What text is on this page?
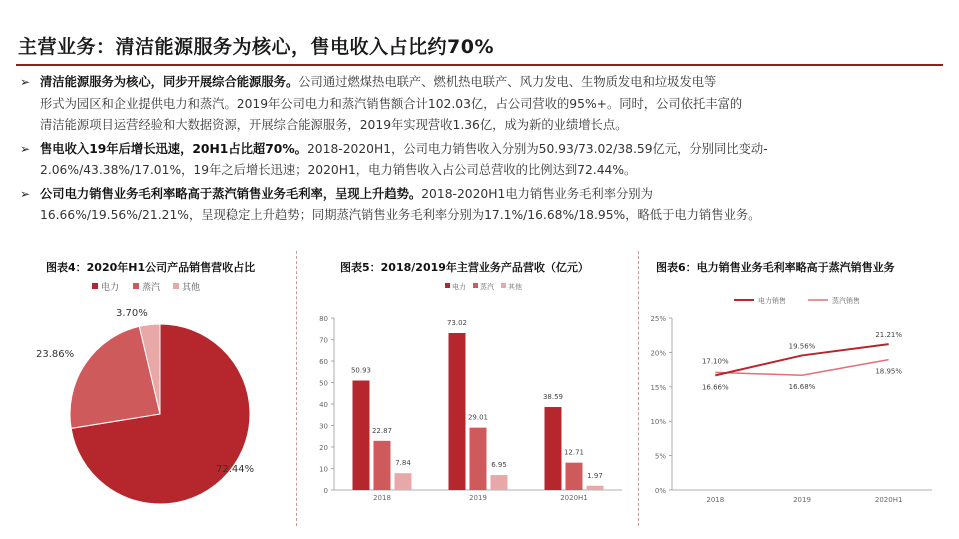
主营业务：清洁能源服务为核心，售电收入占比约70%
➢ 清洁能源服务为核心，同步开展综合能源服务。公司通过燃煤热电联产、燃机热电联产、风力发电、生物质发电和垃圾发电等
形式为园区和企业提供电力和蒸汽。2019年公司电力和蒸汽销售额合计102.03亿，占公司营收的95%+。同时，公司依托丰富的
清洁能源项目运营经验和大数据资源，开展综合能源服务，2019年实现营收1.36亿，成为新的业绩增长点。
➢ 售电收入19年后增长迅速，20H1占比超70%。2018-2020H1，公司电力销售收入分别为50.93/73.02/38.59亿元，分别同比变动-
2.06%/43.38%/17.01%，19年之后增长迅速；2020H1，电力销售收入占公司总营收的比例达到72.44%。
➢ 公司电力销售业务毛利率略高于蒸汽销售业务毛利率，呈现上升趋势。2018-2020H1电力销售业务毛利率分别为
16.66%/19.56%/21.21%，呈现稳定上升趋势；同期蒸汽销售业务毛利率分别为17.1%/16.68%/18.95%，略低于电力销售业务。
图表4：2020年H1公司产品销售营收占比
电力	蒸汽 其他
72.44%
23.86%
3.70%
图表5：2018/2019年主营业务产品营收（亿元）
电力 蒸汽 其他
0
10
20
30
40
50
60
70
80
50.93
22.87
7.84
73.02
29.01
6.95
38.59
12.71
1.97
2018	2019	2020H1
图表6：电力销售业务毛利率略高于蒸汽销售业务
电力销售	蒸汽销售
0%
5%
10%
15%
20%
25%
2018	2019	2020H1
16.66%
19.56%
21.21%
17.10%
16.68%
18.95%
